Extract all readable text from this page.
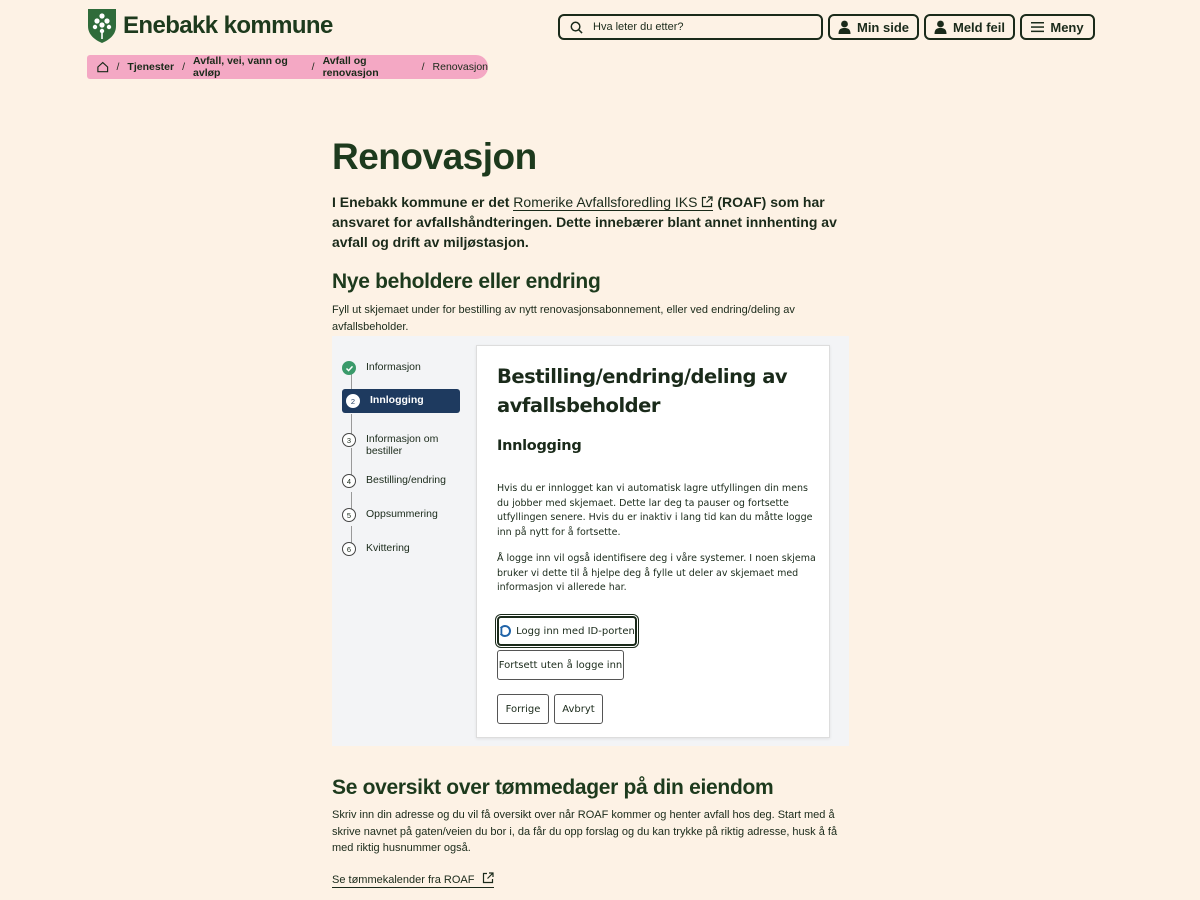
Enebakk kommune
Hva leter du etter?	Min side	Meld feil	Meny
/ Tjenester / Avfall, vei, vann og avløp	/ Avfall og renovasjon	/ Renovasjon
Renovasjon

I Enebakk kommune er det Romerike Avfallsforedling IKS (ROAF) som har ansvaret for avfallshåndteringen. Dette innebærer blant annet innhenting av avfall og drift av miljøstasjon.

Nye beholdere eller endring

Fyll ut skjemaet under for bestilling av nytt renovasjonsabonnement, eller ved endring/deling av avfallsbeholder.

Informasjon
2	Innlogging
3	Informasjon om bestiller
4	Bestilling/endring
5	Oppsummering
6	Kvittering
Bestilling/endring/deling av avfallsbeholder
Innlogging

Hvis du er innlogget kan vi automatisk lagre utfyllingen din mens du jobber med skjemaet. Dette lar deg ta pauser og fortsette utfyllingen senere. Hvis du er inaktiv i lang tid kan du måtte logge inn på nytt for å fortsette.

Å logge inn vil også identifisere deg i våre systemer. I noen skjema bruker vi dette til å hjelpe deg å fylle ut deler av skjemaet med informasjon vi allerede har.

Logg inn med ID-porten
Fortsett uten å logge inn
Forrige Avbryt
Se oversikt over tømmedager på din eiendom

Skriv inn din adresse og du vil få oversikt over når ROAF kommer og henter avfall hos deg. Start med å skrive navnet på gaten/veien du bor i, da får du opp forslag og du kan trykke på riktig adresse, husk å få med riktig husnummer også.

Se tømmekalender fra ROAF
